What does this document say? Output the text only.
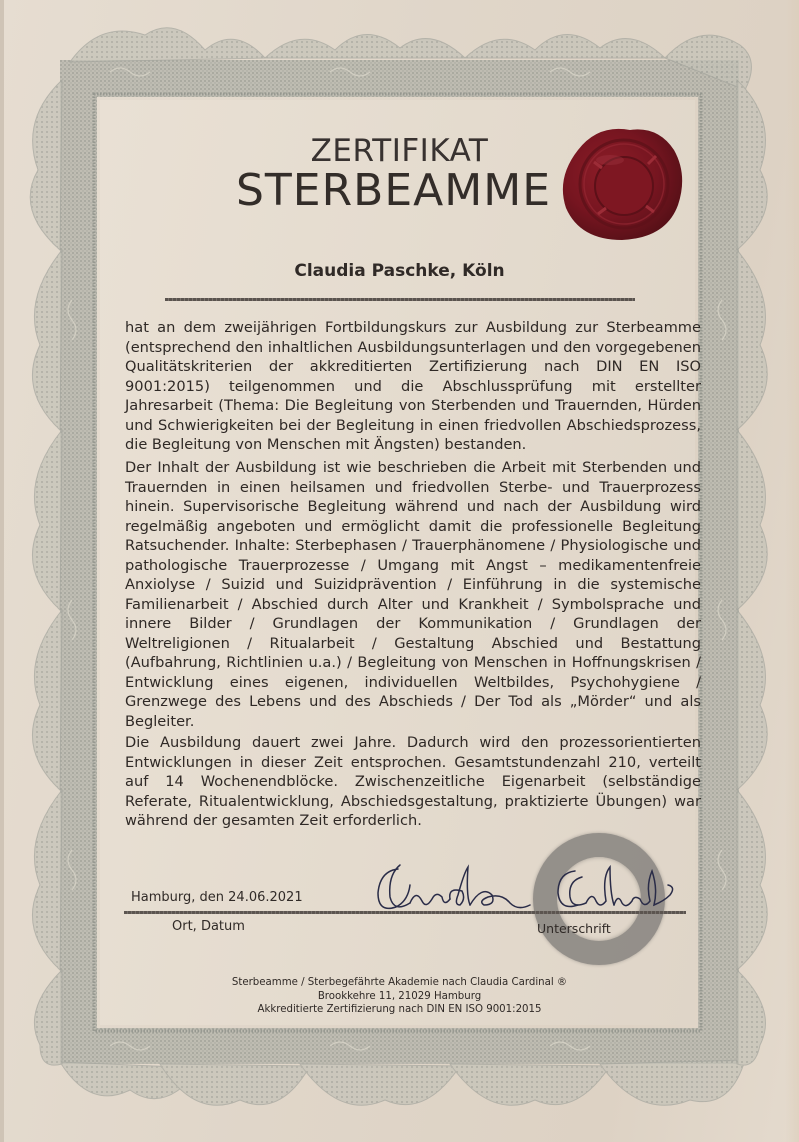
ZERTIFIKAT
STERBEAMME
Claudia Paschke, Köln

hat an dem zweijährigen Fortbildungskurs zur Ausbildung zur Sterbeamme (entsprechend den inhaltlichen Ausbildungsunterlagen und den vorgegebenen Qualitätskriterien der akkreditierten Zertifizierung nach DIN EN ISO 9001:2015) teilgenommen und die Abschlussprüfung mit erstellter Jahresarbeit (Thema: Die Begleitung von Sterbenden und Trauernden, Hürden und Schwierigkeiten bei der Begleitung in einen friedvollen Abschiedsprozess, die Begleitung von Menschen mit Ängsten) bestanden.

Der Inhalt der Ausbildung ist wie beschrieben die Arbeit mit Sterbenden und Trauernden in einen heilsamen und friedvollen Sterbe- und Trauerprozess hinein. Supervisorische Begleitung während und nach der Ausbildung wird regelmäßig angeboten und ermöglicht damit die professionelle Begleitung Ratsuchender. Inhalte: Sterbephasen / Trauerphänomene / Physiologische und pathologische Trauerprozesse / Umgang mit Angst – medikamentenfreie Anxiolyse / Suizid und Suizidprävention / Einführung in die systemische Familienarbeit / Abschied durch Alter und Krankheit / Symbolsprache und innere Bilder / Grundlagen der Kommunikation / Grundlagen der Weltreligionen / Ritualarbeit / Gestaltung Abschied und Bestattung (Aufbahrung, Richtlinien u.a.) / Begleitung von Menschen in Hoffnungskrisen / Entwicklung eines eigenen, individuellen Weltbildes, Psychohygiene / Grenzwege des Lebens und des Abschieds / Der Tod als „Mörder“ und als Begleiter.

Die Ausbildung dauert zwei Jahre. Dadurch wird den prozessorientierten Entwicklungen in dieser Zeit entsprochen. Gesamtstundenzahl 210, verteilt auf 14 Wochenendblöcke. Zwischenzeitliche Eigenarbeit (selbständige Referate, Ritualentwicklung, Abschiedsgestaltung, praktizierte Übungen) war während der gesamten Zeit erforderlich.

Hamburg, den 24.06.2021
Ort, Datum	Unterschrift
Sterbeamme / Sterbegefährte Akademie nach Claudia Cardinal ®
Brookkehre 11, 21029 Hamburg
Akkreditierte Zertifizierung nach DIN EN ISO 9001:2015
